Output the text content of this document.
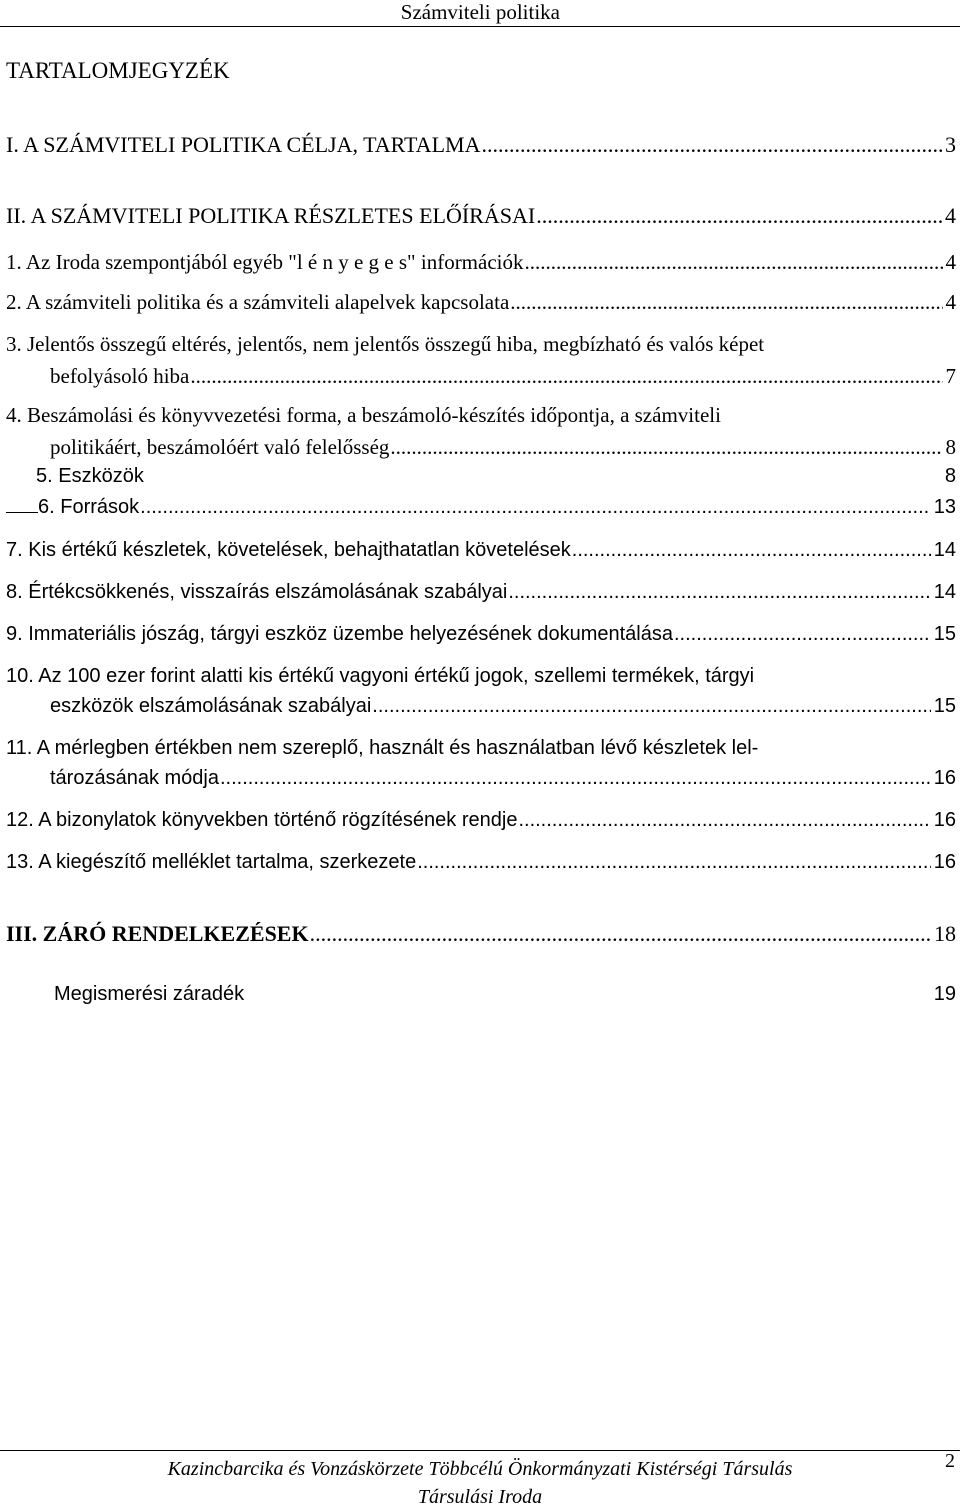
Számviteli politika
TARTALOMJEGYZÉK
I. A SZÁMVITELI POLITIKA CÉLJA, TARTALMA .....	3
II. A SZÁMVITELI POLITIKA RÉSZLETES ELŐÍRÁSAI .....	4
1. Az Iroda szempontjából egyéb "l é n y e g e s" információk .....	4
2. A számviteli politika és a számviteli alapelvek kapcsolata .....	4
3. Jelentős összegű eltérés, jelentős, nem jelentős összegű hiba, megbízható és valós képet
befolyásoló hiba .....	7
4. Beszámolási és könyvvezetési forma, a beszámoló-készítés időpontja, a számviteli
politikáért, beszámolóért való felelősség .....	8
5. Eszközök	8
6. Források .....	13
7. Kis értékű készletek, követelések, behajthatatlan követelések .....	14
8. Értékcsökkenés, visszaírás elszámolásának szabályai .....	14
9. Immateriális jószág, tárgyi eszköz üzembe helyezésének dokumentálása .....	15
10. Az 100 ezer forint alatti kis értékű vagyoni értékű jogok, szellemi termékek, tárgyi
eszközök elszámolásának szabályai .....	15
11. A mérlegben értékben nem szereplő, használt és használatban lévő készletek lel-
tározásának módja .....	16
12. A bizonylatok könyvekben történő rögzítésének rendje .....	16
13. A kiegészítő melléklet tartalma, szerkezete .....	16
III. ZÁRÓ RENDELKEZÉSEK .....	18
Megismerési záradék	19
Kazincbarcika és Vonzáskörzete Többcélú Önkormányzati Kistérségi Társulás
Társulási Iroda
2
